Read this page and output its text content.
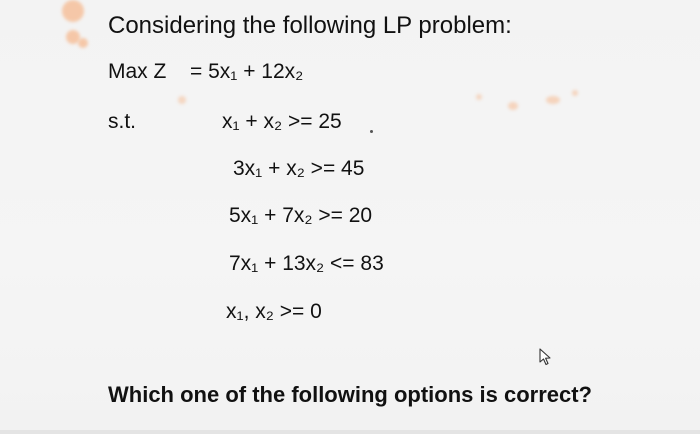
Considering the following LP problem:
Max Z = 5x₁ + 12x₂
s.t.	x₁ + x₂ >= 25
3x₁ + x₂ >= 45
5x₁ + 7x₂ >= 20
7x₁ + 13x₂ <= 83
x₁, x₂ >= 0
Which one of the following options is correct?
